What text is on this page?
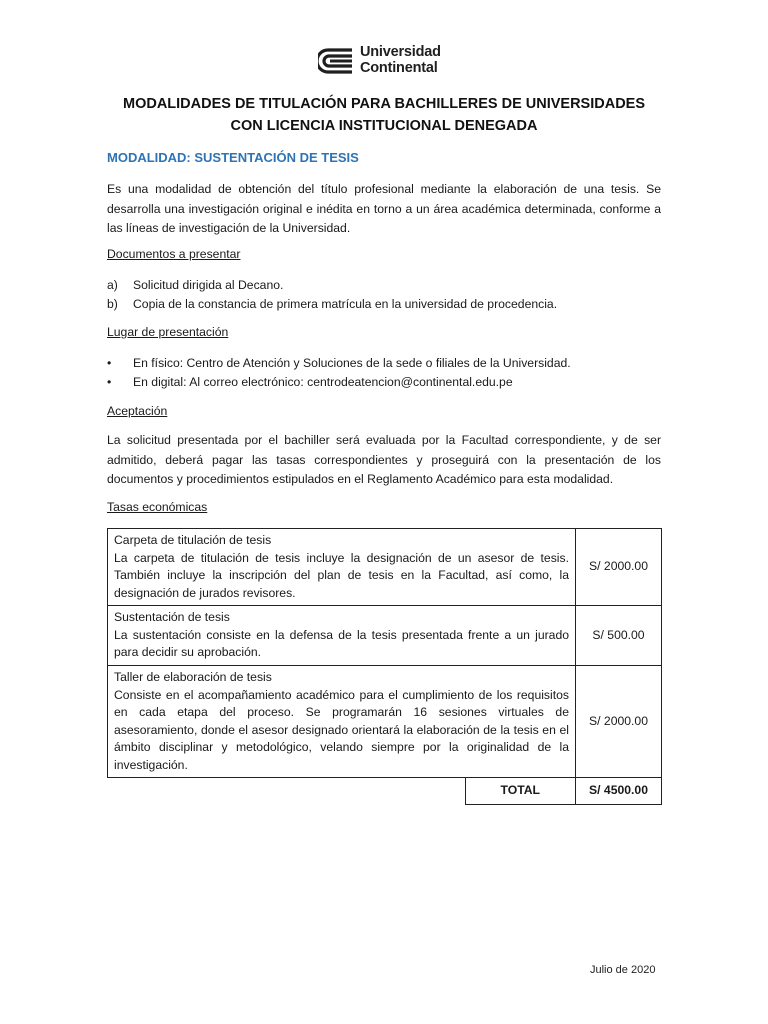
Universidad
Continental
MODALIDADES DE TITULACIÓN PARA BACHILLERES DE UNIVERSIDADES
CON LICENCIA INSTITUCIONAL DENEGADA
MODALIDAD: SUSTENTACIÓN DE TESIS
Es una modalidad de obtención del título profesional mediante la elaboración de una tesis. Se desarrolla una investigación original e inédita en torno a un área académica determinada, conforme a las líneas de investigación de la Universidad.
Documentos a presentar
a) Solicitud dirigida al Decano.
b) Copia de la constancia de primera matrícula en la universidad de procedencia.
Lugar de presentación
• En físico: Centro de Atención y Soluciones de la sede o filiales de la Universidad.
• En digital: Al correo electrónico: centrodeatencion@continental.edu.pe
Aceptación
La solicitud presentada por el bachiller será evaluada por la Facultad correspondiente, y de ser admitido, deberá pagar las tasas correspondientes y proseguirá con la presentación de los documentos y procedimientos estipulados en el Reglamento Académico para esta modalidad.
Tasas económicas
Carpeta de titulación de tesis
La carpeta de titulación de tesis incluye la designación de un asesor de tesis. También incluye la inscripción del plan de tesis en la Facultad, así como, la designación de jurados revisores.		S/ 2000.00

Sustentación de tesis
La sustentación consiste en la defensa de la tesis presentada frente a un jurado para decidir su aprobación.		S/ 500.00

Taller de elaboración de tesis
Consiste en el acompañamiento académico para el cumplimiento de los requisitos en cada etapa del proceso. Se programarán 16 sesiones virtuales de asesoramiento, donde el asesor designado orientará la elaboración de la tesis en el ámbito disciplinar y metodológico, velando siempre por la originalidad de la investigación.		S/ 2000.00
	TOTAL	S/ 4500.00
Julio de 2020
